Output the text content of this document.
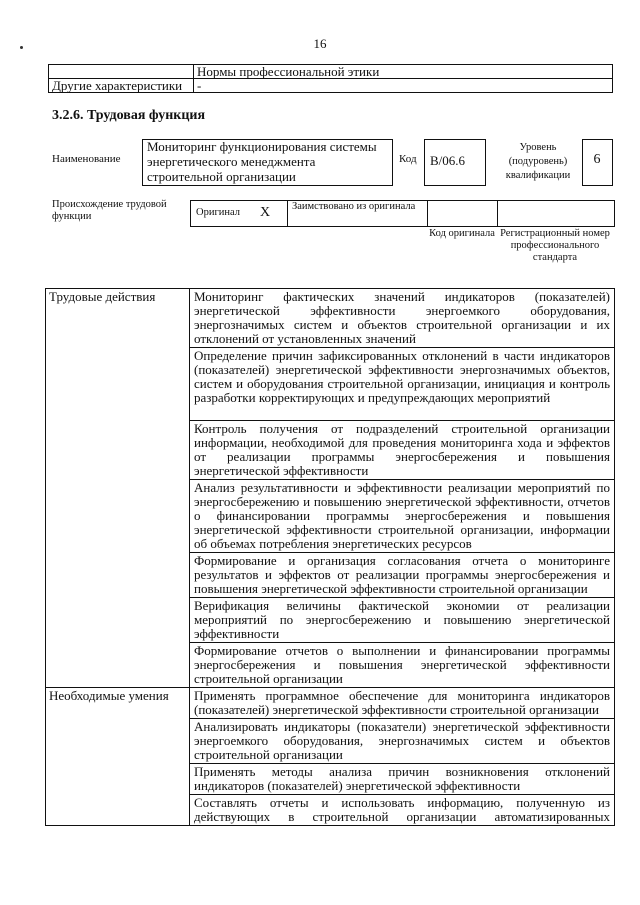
16
	Нормы профессиональной этики
Другие характеристики	-
3.2.6. Трудовая функция
Наименование
Мониторинг функционирования системы энергетического менеджмента строительной организации
Код B/06.6
Уровень (подуровень) квалификации
6
Происхождение трудовой функции	Оригинал X Заимствовано из оригинала
Код оригинала Регистрационный номер профессионального стандарта
Трудовые действия	Мониторинг фактических значений индикаторов (показателей) энергетической эффективности энергоемкого оборудования, энергозначимых систем и объектов строительной организации и их отклонений от установленных значений
	Определение причин зафиксированных отклонений в части индикаторов (показателей) энергетической эффективности энергозначимых объектов, систем и оборудования строительной организации, инициация и контроль разработки корректирующих и предупреждающих мероприятий
	Контроль получения от подразделений строительной организации информации, необходимой для проведения мониторинга хода и эффектов от реализации программы энергосбережения и повышения энергетической эффективности
	Анализ результативности и эффективности реализации мероприятий по энергосбережению и повышению энергетической эффективности, отчетов о финансировании программы энергосбережения и повышения энергетической эффективности строительной организации, информации об объемах потребления энергетических ресурсов
	Формирование и организация согласования отчета о мониторинге результатов и эффектов от реализации программы энергосбережения и повышения энергетической эффективности строительной организации
	Верификация величины фактической экономии от реализации мероприятий по энергосбережению и повышению энергетической эффективности
	Формирование отчетов о выполнении и финансировании программы энергосбережения и повышения энергетической эффективности строительной организации
Необходимые умения	Применять программное обеспечение для мониторинга индикаторов (показателей) энергетической эффективности строительной организации
	Анализировать индикаторы (показатели) энергетической эффективности энергоемкого оборудования, энергозначимых систем и объектов строительной организации
	Применять методы анализа причин возникновения отклонений индикаторов (показателей) энергетической эффективности
	Составлять отчеты и использовать информацию, полученную из действующих в строительной организации автоматизированных
